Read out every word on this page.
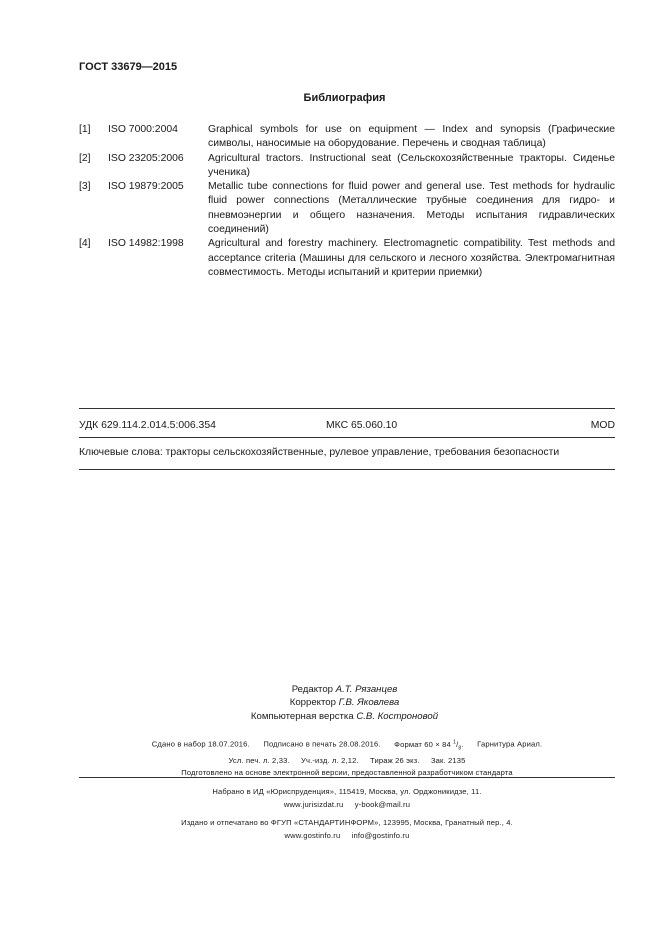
ГОСТ 33679—2015
Библиография
[1]	ISO 7000:2004	Graphical symbols for use on equipment — Index and synopsis (Графические символы, наносимые на оборудование. Перечень и сводная таблица)
[2]	ISO 23205:2006	Agricultural tractors. Instructional seat (Сельскохозяйственные тракторы. Сиденье ученика)
[3]	ISO 19879:2005	Metallic tube connections for fluid power and general use. Test methods for hydraulic fluid power connections (Металлические трубные соединения для гидро- и пневмоэнергии и общего назначения. Методы испытания гидравлических соединений)
[4]	ISO 14982:1998	Agricultural and forestry machinery. Electromagnetic compatibility. Test methods and acceptance criteria (Машины для сельского и лесного хозяйства. Электромагнитная совместимость. Методы испытаний и критерии приемки)
УДК 629.114.2.014.5:006.354	МКС 65.060.10	MOD
Ключевые слова: тракторы сельскохозяйственные, рулевое управление, требования безопасности
Редактор А.Т. Рязанцев
Корректор Г.В. Яковлева
Компьютерная верстка С.В. Костроновой
Сдано в набор 18.07.2016. Подписано в печать 28.08.2016. Формат 60 × 84 $^1/_8$. Гарнитура Ариал.
Усл. печ. л. 2,33. Уч.-изд. л. 2,12. Тираж 26 экз. Зак. 2135
Подготовлено на основе электронной версии, предоставленной разработчиком стандарта
Набрано в ИД «Юриспруденция», 115419, Москва, ул. Орджоникидзе, 11.
www.jurisizdat.ru y-book@mail.ru
Издано и отпечатано во ФГУП «СТАНДАРТИНФОРМ», 123995, Москва, Гранатный пер., 4.
www.gostinfo.ru info@gostinfo.ru
